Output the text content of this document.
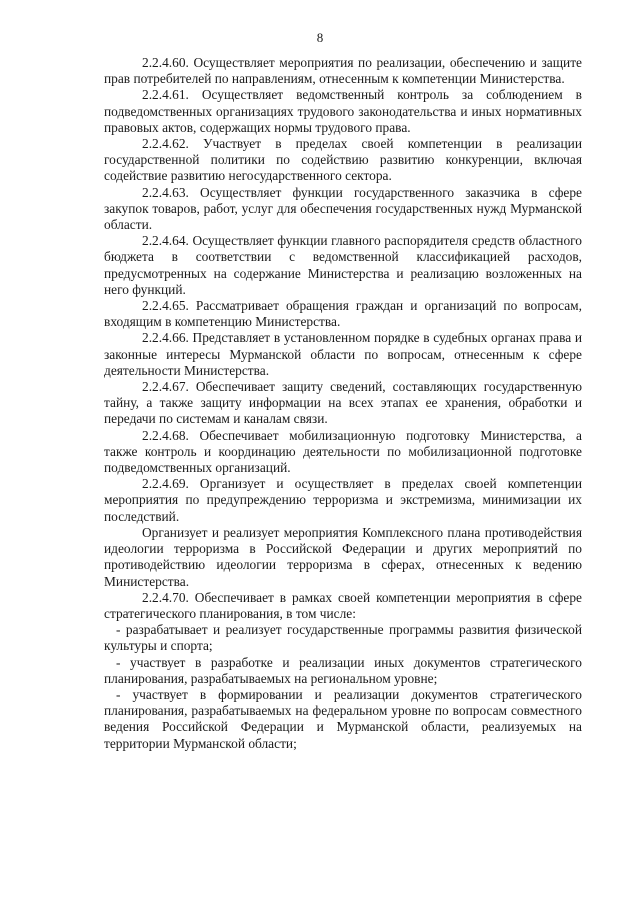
8

2.2.4.60. Осуществляет мероприятия по реализации, обеспечению и защите прав потребителей по направлениям, отнесенным к компетенции Министерства.

2.2.4.61. Осуществляет ведомственный контроль за соблюдением в подведомственных организациях трудового законодательства и иных нормативных правовых актов, содержащих нормы трудового права.

2.2.4.62. Участвует в пределах своей компетенции в реализации государственной политики по содействию развитию конкуренции, включая содействие развитию негосударственного сектора.

2.2.4.63. Осуществляет функции государственного заказчика в сфере закупок товаров, работ, услуг для обеспечения государственных нужд Мурманской области.

2.2.4.64. Осуществляет функции главного распорядителя средств областного бюджета в соответствии с ведомственной классификацией расходов, предусмотренных на содержание Министерства и реализацию возложенных на него функций.

2.2.4.65. Рассматривает обращения граждан и организаций по вопросам, входящим в компетенцию Министерства.

2.2.4.66. Представляет в установленном порядке в судебных органах права и законные интересы Мурманской области по вопросам, отнесенным к сфере деятельности Министерства.

2.2.4.67. Обеспечивает защиту сведений, составляющих государственную тайну, а также защиту информации на всех этапах ее хранения, обработки и передачи по системам и каналам связи.

2.2.4.68. Обеспечивает мобилизационную подготовку Министерства, а также контроль и координацию деятельности по мобилизационной подготовке подведомственных организаций.

2.2.4.69. Организует и осуществляет в пределах своей компетенции мероприятия по предупреждению терроризма и экстремизма, минимизации их последствий.

Организует и реализует мероприятия Комплексного плана противодействия идеологии терроризма в Российской Федерации и других мероприятий по противодействию идеологии терроризма в сферах, отнесенных к ведению Министерства.

2.2.4.70. Обеспечивает в рамках своей компетенции мероприятия в сфере стратегического планирования, в том числе:

- разрабатывает и реализует государственные программы развития физической культуры и спорта;

- участвует в разработке и реализации иных документов стратегического планирования, разрабатываемых на региональном уровне;

- участвует в формировании и реализации документов стратегического планирования, разрабатываемых на федеральном уровне по вопросам совместного ведения Российской Федерации и Мурманской области, реализуемых на территории Мурманской области;
